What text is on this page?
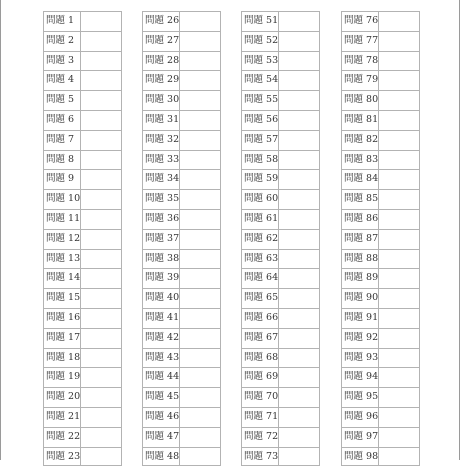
問題 1
問題 2
問題 3
問題 4
問題 5
問題 6
問題 7
問題 8
問題 9
問題 10
問題 11
問題 12
問題 13
問題 14
問題 15
問題 16
問題 17
問題 18
問題 19
問題 20
問題 21
問題 22
問題 23
問題 26
問題 27
問題 28
問題 29
問題 30
問題 31
問題 32
問題 33
問題 34
問題 35
問題 36
問題 37
問題 38
問題 39
問題 40
問題 41
問題 42
問題 43
問題 44
問題 45
問題 46
問題 47
問題 48
問題 51
問題 52
問題 53
問題 54
問題 55
問題 56
問題 57
問題 58
問題 59
問題 60
問題 61
問題 62
問題 63
問題 64
問題 65
問題 66
問題 67
問題 68
問題 69
問題 70
問題 71
問題 72
問題 73
問題 76
問題 77
問題 78
問題 79
問題 80
問題 81
問題 82
問題 83
問題 84
問題 85
問題 86
問題 87
問題 88
問題 89
問題 90
問題 91
問題 92
問題 93
問題 94
問題 95
問題 96
問題 97
問題 98
